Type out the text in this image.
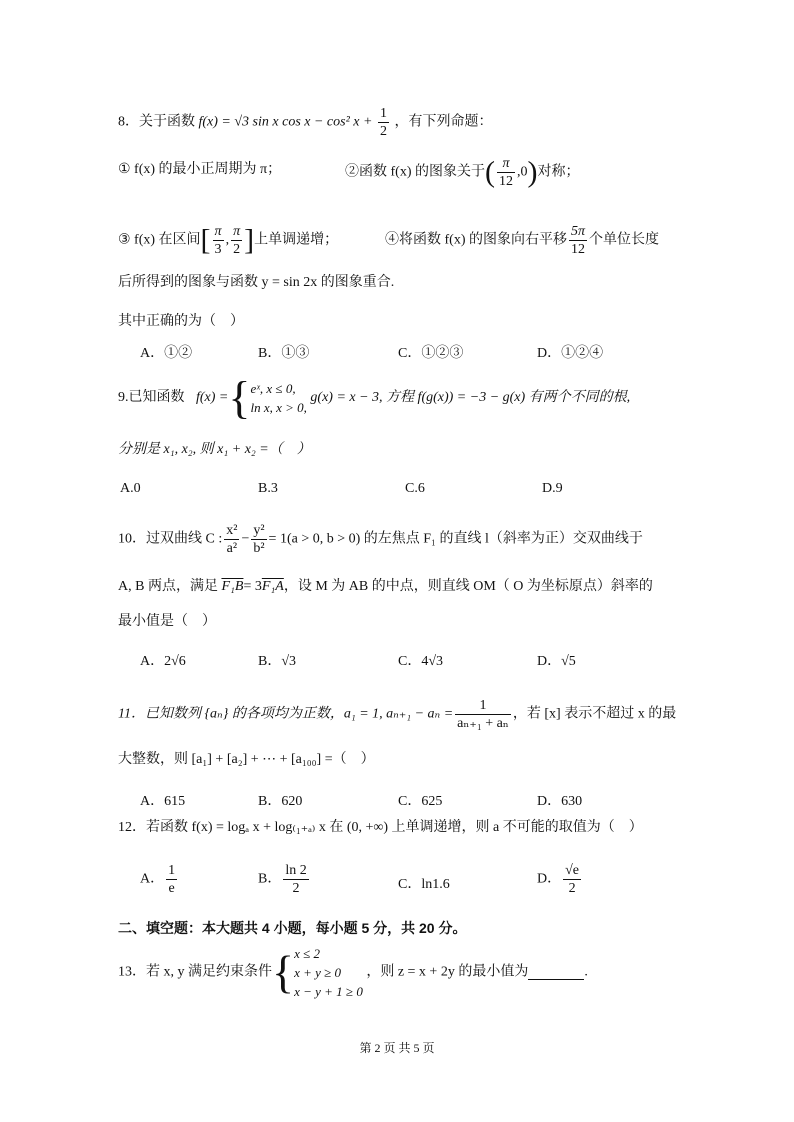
8．关于函数 f(x) = √3 sin x cos x − cos² $x + \frac{1}{2}$ ，有下列命题：
① f(x) 的最小正周期为 π；	②函数 f(x) 的图象关于( $\frac{\pi}{12} ,0$)对称；
③ f(x) 在区间[ $\frac{\pi}{3}$ , $\frac{\pi}{2}$ ]上单调递增；	④将函数 f(x) 的图象向右平移 $\frac{5\pi}{12}$ 个单位长度
后所得到的图象与函数 y = sin 2x 的图象重合.
其中正确的为（　）
A．①②	B．①③	C．①②③	D．①②④
9.已知函数 f(x) ={eˣ, x ≤ 0,
ln x, x > 0, g(x) = x − 3, 方程 f(g(x)) = −3 − g(x) 有两个不同的根,
分别是 x₁, x₂, 则 x₁ + x₂ =（　）
A.0	B.3	C.6	D.9
10．过双曲线 C : $\frac{\text{x²}}{\text{a²}} - \frac{\text{y²}}{\text{b²}} = 1(a > 0$, b > 0) 的左焦点 F₁ 的直线 l（斜率为正）交双曲线于
A, B 两点，满足 F₁B= 3F₁A，设 M 为 AB 的中点，则直线 OM（ O 为坐标原点）斜率的
最小值是（　）
A．2√6	B．√3	C．4√3	D．√5
11．已知数列 {aₙ} 的各项均为正数，a₁ = 1, $a_{n+1} - a_n = \frac{1}{\text{aₙ₊₁ + aₙ}}$ ，若 [x] 表示不超过 x 的最
大整数，则 [a₁] + [a₂] + ⋯ + [a₁₀₀] =（　）
A．615	B．620	C．625	D．630
12．若函数 f(x) = logₐ x + log₍₁₊ₐ₎ x 在 (0, +∞) 上单调递增，则 a 不可能的取值为（　）
A． $\frac{1}{e}$	B． $\frac{\ln 2}{2}$	C．ln1.6	D． $\frac{√e}{2}$
二、填空题：本大题共 4 小题，每小题 5 分，共 20 分。
13．若 x, y 满足约束条件{x ≤ 2
x + y ≥ 0
x − y + 1 ≥ 0 ，则 z = x + 2y 的最小值为	.
第 2 页 共 5 页
